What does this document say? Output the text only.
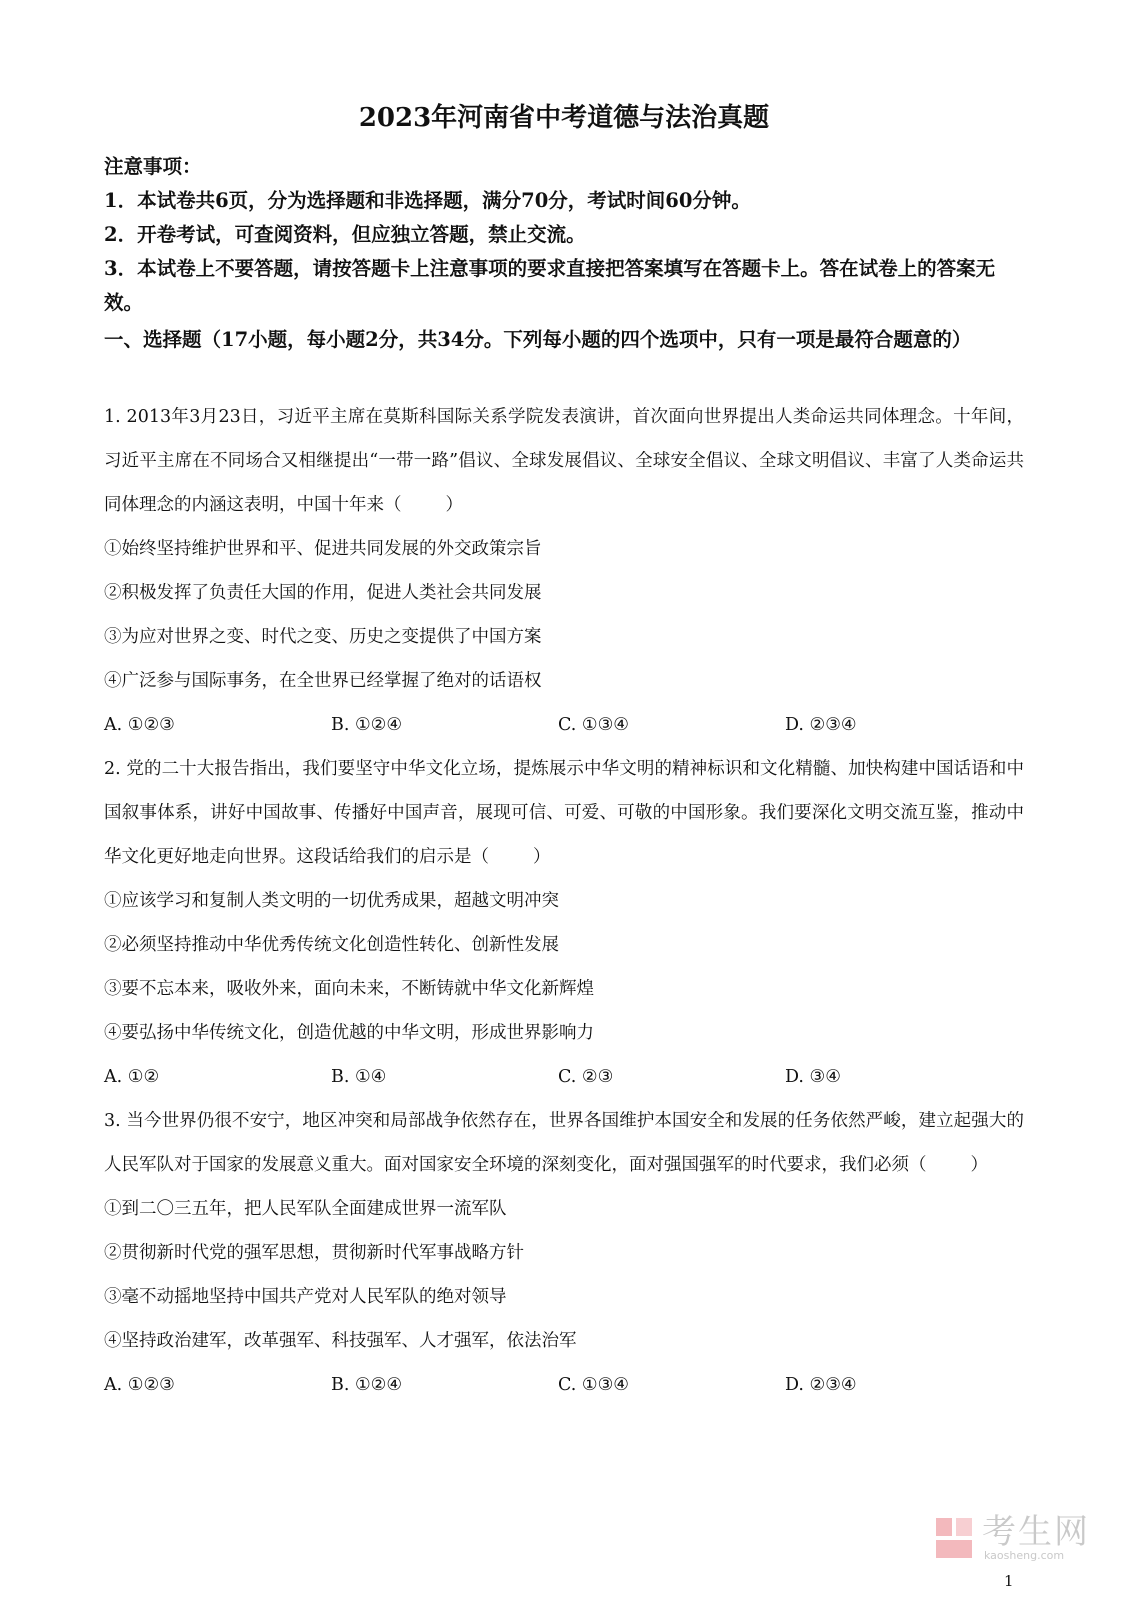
2023年河南省中考道德与法治真题
注意事项：
1．本试卷共6页，分为选择题和非选择题，满分70分，考试时间60分钟。
2．开卷考试，可查阅资料，但应独立答题，禁止交流。
3．本试卷上不要答题，请按答题卡上注意事项的要求直接把答案填写在答题卡上。答在试卷上的答案无效。
一、选择题（17小题，每小题2分，共34分。下列每小题的四个选项中，只有一项是最符合题意的）

1. 2013年3月23日，习近平主席在莫斯科国际关系学院发表演讲，首次面向世界提出人类命运共同体理念。十年间，习近平主席在不同场合又相继提出“一带一路”倡议、全球发展倡议、全球安全倡议、全球文明倡议、丰富了人类命运共同体理念的内涵这表明，中国十年来（	）

①始终坚持维护世界和平、促进共同发展的外交政策宗旨

②积极发挥了负责任大国的作用，促进人类社会共同发展

③为应对世界之变、时代之变、历史之变提供了中国方案

④广泛参与国际事务，在全世界已经掌握了绝对的话语权

A. ①②③	B. ①②④	C. ①③④	D. ②③④

2. 党的二十大报告指出，我们要坚守中华文化立场，提炼展示中华文明的精神标识和文化精髓、加快构建中国话语和中国叙事体系，讲好中国故事、传播好中国声音，展现可信、可爱、可敬的中国形象。我们要深化文明交流互鉴，推动中华文化更好地走向世界。这段话给我们的启示是（	）

①应该学习和复制人类文明的一切优秀成果，超越文明冲突

②必须坚持推动中华优秀传统文化创造性转化、创新性发展

③要不忘本来，吸收外来，面向未来，不断铸就中华文化新辉煌

④要弘扬中华传统文化，创造优越的中华文明，形成世界影响力

A. ①②	B. ①④	C. ②③	D. ③④

3. 当今世界仍很不安宁，地区冲突和局部战争依然存在，世界各国维护本国安全和发展的任务依然严峻，建立起强大的人民军队对于国家的发展意义重大。面对国家安全环境的深刻变化，面对强国强军的时代要求，我们必须（	）

①到二〇三五年，把人民军队全面建成世界一流军队

②贯彻新时代党的强军思想，贯彻新时代军事战略方针

③毫不动摇地坚持中国共产党对人民军队的绝对领导

④坚持政治建军，改革强军、科技强军、人才强军，依法治军

A. ①②③	B. ①②④	C. ①③④	D. ②③④

考生网
kaosheng.com
1
